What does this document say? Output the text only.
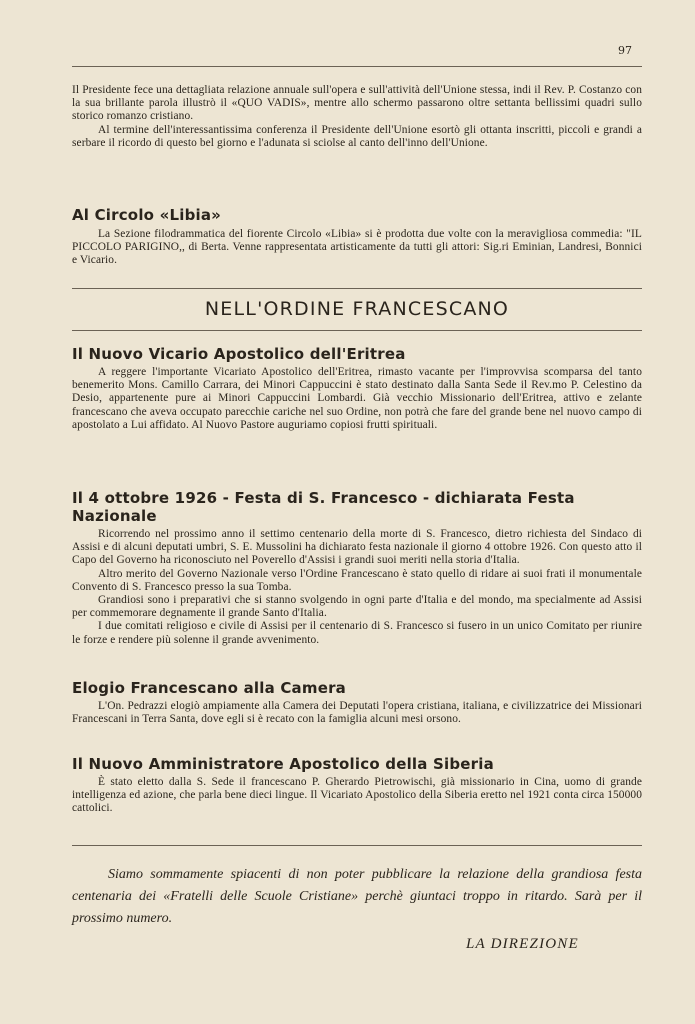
97

Il Presidente fece una dettagliata relazione annuale sull'opera e sull'attività dell'Unione stessa, indi il Rev. P. Costanzo con la sua brillante parola illustrò il «QUO VADIS», mentre allo schermo passarono oltre settanta bellissimi quadri sullo storico romanzo cristiano.

Al termine dell'interessantissima conferenza il Presidente dell'Unione esortò gli ottanta inscritti, piccoli e grandi a serbare il ricordo di questo bel giorno e l'adunata si sciolse al canto dell'inno dell'Unione.

Al Circolo «Libia»

La Sezione filodrammatica del fiorente Circolo «Libia» si è prodotta due volte con la meravigliosa commedia: "IL PICCOLO PARIGINO,, di Berta. Venne rappresentata artisticamente da tutti gli attori: Sig.ri Eminian, Landresi, Bonnici e Vicario.

NELL'ORDINE FRANCESCANO
Il Nuovo Vicario Apostolico dell'Eritrea

A reggere l'importante Vicariato Apostolico dell'Eritrea, rimasto vacante per l'improvvisa scomparsa del tanto benemerito Mons. Camillo Carrara, dei Minori Cappuccini è stato destinato dalla Santa Sede il Rev.mo P. Celestino da Desio, appartenente pure ai Minori Cappuccini Lombardi. Già vecchio Missionario dell'Eritrea, attivo e zelante francescano che aveva occupato parecchie cariche nel suo Ordine, non potrà che fare del grande bene nel nuovo campo di apostolato a Lui affidato. Al Nuovo Pastore auguriamo copiosi frutti spirituali.

Il 4 ottobre 1926 - Festa di S. Francesco - dichiarata Festa Nazionale

Ricorrendo nel prossimo anno il settimo centenario della morte di S. Francesco, dietro richiesta del Sindaco di Assisi e di alcuni deputati umbri, S. E. Mussolini ha dichiarato festa nazionale il giorno 4 ottobre 1926. Con questo atto il Capo del Governo ha riconosciuto nel Poverello d'Assisi i grandi suoi meriti nella storia d'Italia.

Altro merito del Governo Nazionale verso l'Ordine Francescano è stato quello di ridare ai suoi frati il monumentale Convento di S. Francesco presso la sua Tomba.

Grandiosi sono i preparativi che si stanno svolgendo in ogni parte d'Italia e del mondo, ma specialmente ad Assisi per commemorare degnamente il grande Santo d'Italia.

I due comitati religioso e civile di Assisi per il centenario di S. Francesco si fusero in un unico Comitato per riunire le forze e rendere più solenne il grande avvenimento.

Elogio Francescano alla Camera

L'On. Pedrazzi elogiò ampiamente alla Camera dei Deputati l'opera cristiana, italiana, e civilizzatrice dei Missionari Francescani in Terra Santa, dove egli si è recato con la famiglia alcuni mesi orsono.

Il Nuovo Amministratore Apostolico della Siberia

È stato eletto dalla S. Sede il francescano P. Gherardo Pietrowischi, già missionario in Cina, uomo di grande intelligenza ed azione, che parla bene dieci lingue. Il Vicariato Apostolico della Siberia eretto nel 1921 conta circa 150000 cattolici.

Siamo sommamente spiacenti di non poter pubblicare la relazione della grandiosa festa centenaria dei «Fratelli delle Scuole Cristiane» perchè giuntaci troppo in ritardo. Sarà per il prossimo numero.

LA DIREZIONE
